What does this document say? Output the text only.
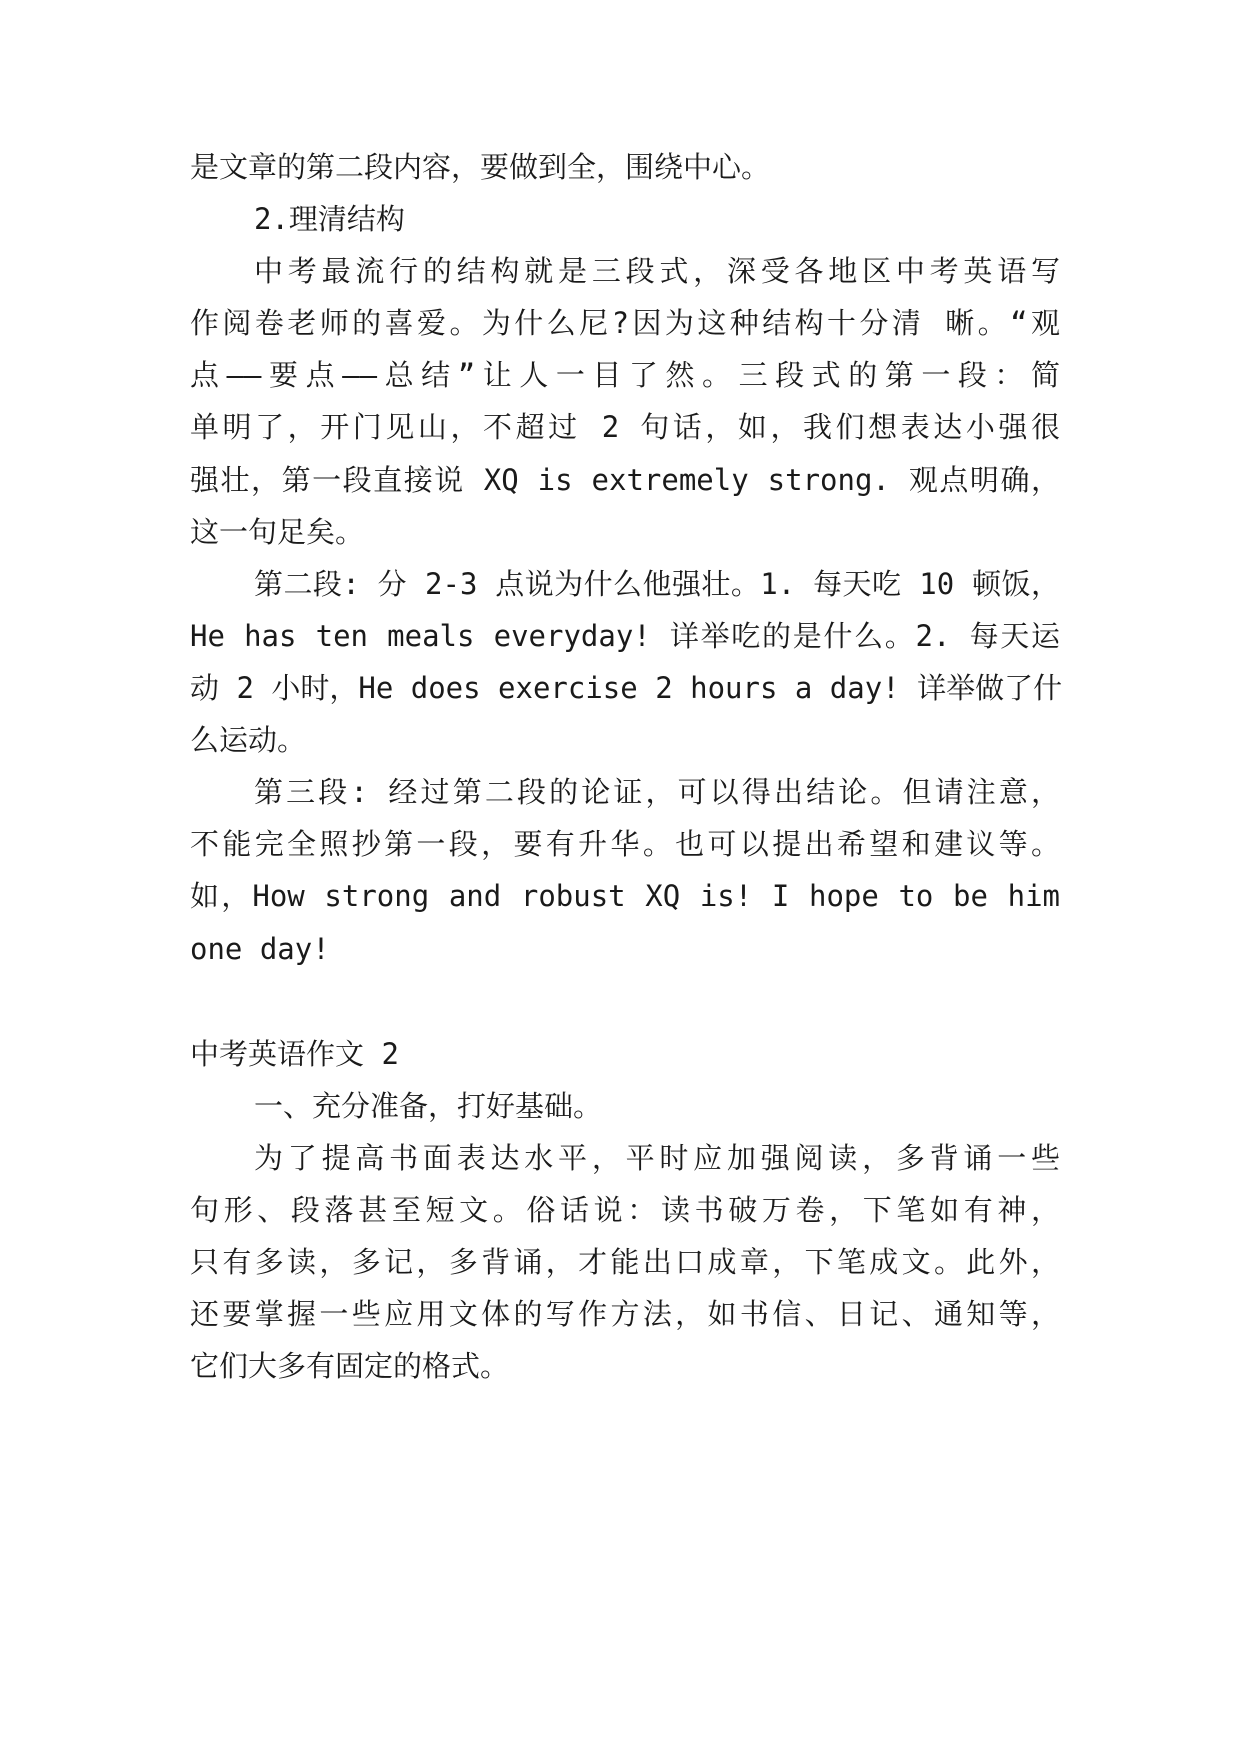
是文章的第二段内容，要做到全，围绕中心。
2.理清结构
中考最流行的结构就是三段式，深受各地区中考英语写
作阅卷老师的喜爱。为什么尼?因为这种结构十分清 晰。“观
点——要点——总结”让人一目了然。三段式的第一段：简
单明了，开门见山，不超过 2 句话，如，我们想表达小强很
强壮，第一段直接说 XQ is extremely strong. 观点明确，
这一句足矣。
第二段: 分 2-3 点说为什么他强壮。1. 每天吃 10 顿饭，
He has ten meals everyday! 详举吃的是什么。2. 每天运
动 2 小时，He does exercise 2 hours a day! 详举做了什
么运动。
第三段: 经过第二段的论证，可以得出结论。但请注意，
不能完全照抄第一段，要有升华。也可以提出希望和建议等。
如，How strong and robust XQ is! I hope to be him
one day!
中考英语作文 2
一、充分准备，打好基础。
为了提高书面表达水平，平时应加强阅读，多背诵一些
句形、段落甚至短文。俗话说：读书破万卷，下笔如有神，
只有多读，多记，多背诵，才能出口成章，下笔成文。此外，
还要掌握一些应用文体的写作方法，如书信、日记、通知等，
它们大多有固定的格式。
